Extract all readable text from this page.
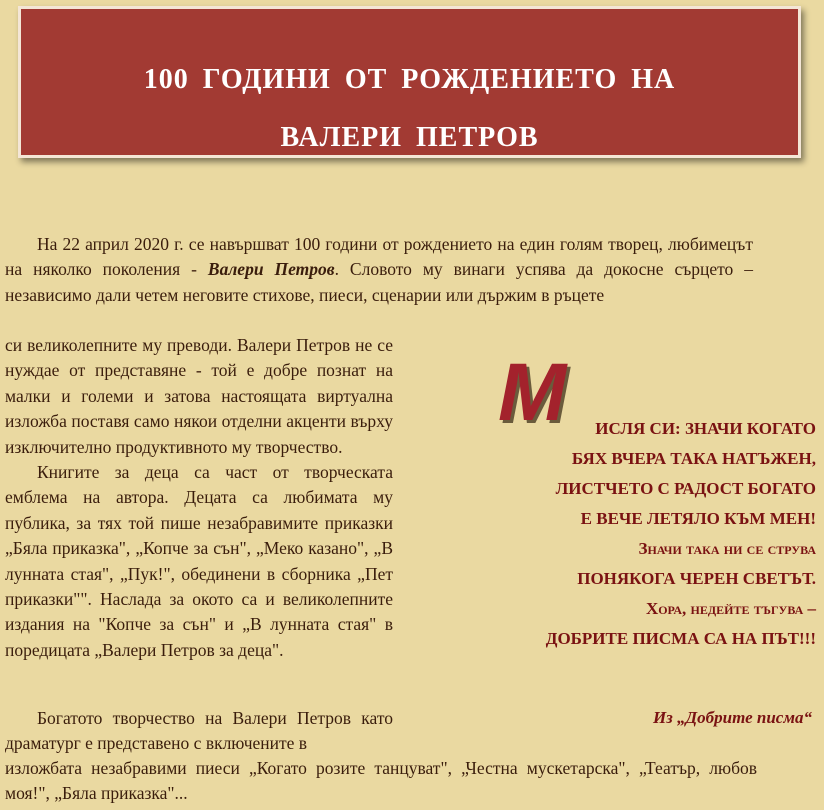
100 ГОДИНИ ОТ РОЖДЕНИЕТО НА
ВАЛЕРИ ПЕТРОВ

На 22 април 2020 г. се навършват 100 години от рождението на един голям творец, любимецът на няколко поколения - Валери Петров. Словото му винаги успява да докосне сърцето – независимо дали четем неговите стихове, пиеси, сценарии или държим в ръцете

си великолепните му преводи. Валери Петров не се нуждае от представяне - той е добре познат на малки и големи и затова настоящата виртуална изложба поставя само някои отделни акценти върху изключително продуктивното му творчество.

Книгите за деца са част от творческата емблема на автора. Децата са любимата му публика, за тях той пише незабравимите приказки „Бяла приказка", „Копче за сън", „Меко казано", „В лунната стая", „Пук!", обединени в сборника „Пет приказки"". Наслада за окото са и великолепните издания на "Копче за сън" и „В лунната стая" в поредицата „Валери Петров за деца".

Богатото творчество на Валери Петров като драматург е представено с включените в

изложбата незабравими пиеси „Когато розите танцуват", „Честна мускетарска", „Театър, любов моя!", „Бяла приказка"...

М	ИСЛЯ СИ: ЗНАЧИ КОГАТО
БЯХ ВЧЕРА ТАКА НАТЪЖЕН,
ЛИСТЧЕТО С РАДОСТ БОГАТО
Е ВЕЧЕ ЛЕТЯЛО КЪМ МЕН!
Значи така ни се струва
ПОНЯКОГА ЧЕРЕН СВЕТЪТ.
Хора, недейте тъгува –
ДОБРИТЕ ПИСМА СА НА ПЪТ!!!
Из „Добрите писма“
